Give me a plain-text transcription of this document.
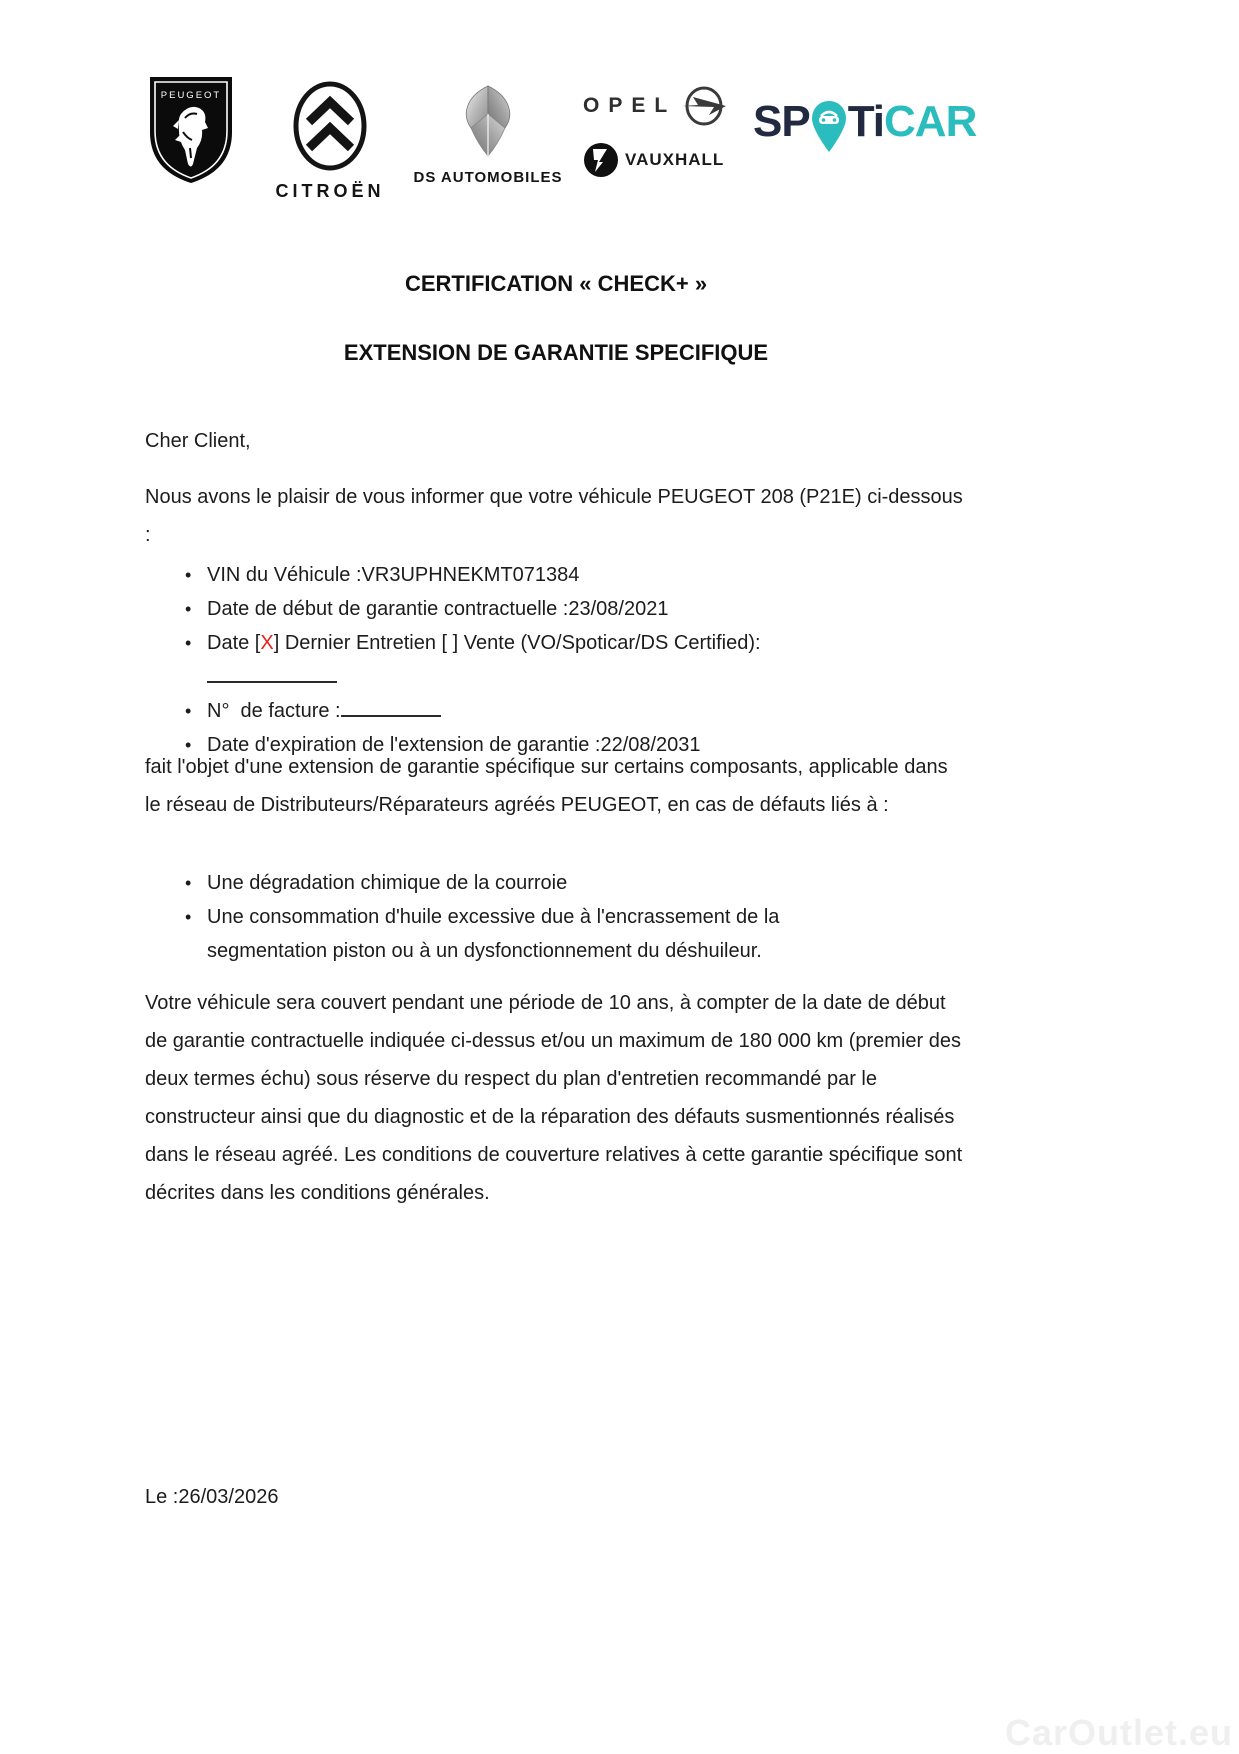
PEUGEOT
CITROËN
DS AUTOMOBILES
OPEL
VAUXHALL
SP Ti CAR
CERTIFICATION « CHECK+ »
EXTENSION DE GARANTIE SPECIFIQUE
Cher Client,
Nous avons le plaisir de vous informer que votre véhicule PEUGEOT 208 (P21E) ci-dessous :
• VIN du Véhicule :VR3UPHNEKMT071384
• Date de début de garantie contractuelle :23/08/2021
• Date [X] Dernier Entretien [ ] Vente (VO/Spoticar/DS Certified):
• N°  de facture :
• Date d'expiration de l'extension de garantie :22/08/2031
fait l'objet d'une extension de garantie spécifique sur certains composants, applicable dans le réseau de Distributeurs/Réparateurs agréés PEUGEOT, en cas de défauts liés à :
• Une dégradation chimique de la courroie
• Une consommation d'huile excessive due à l'encrassement de la segmentation piston ou à un dysfonctionnement du déshuileur.
Votre véhicule sera couvert pendant une période de 10 ans, à compter de la date de début de garantie contractuelle indiquée ci-dessus et/ou un maximum de 180 000 km (premier des deux termes échu) sous réserve du respect du plan d'entretien recommandé par le constructeur ainsi que du diagnostic et de la réparation des défauts susmentionnés réalisés dans le réseau agréé. Les conditions de couverture relatives à cette garantie spécifique sont décrites dans les conditions générales.
Le :26/03/2026
CarOutlet.eu
